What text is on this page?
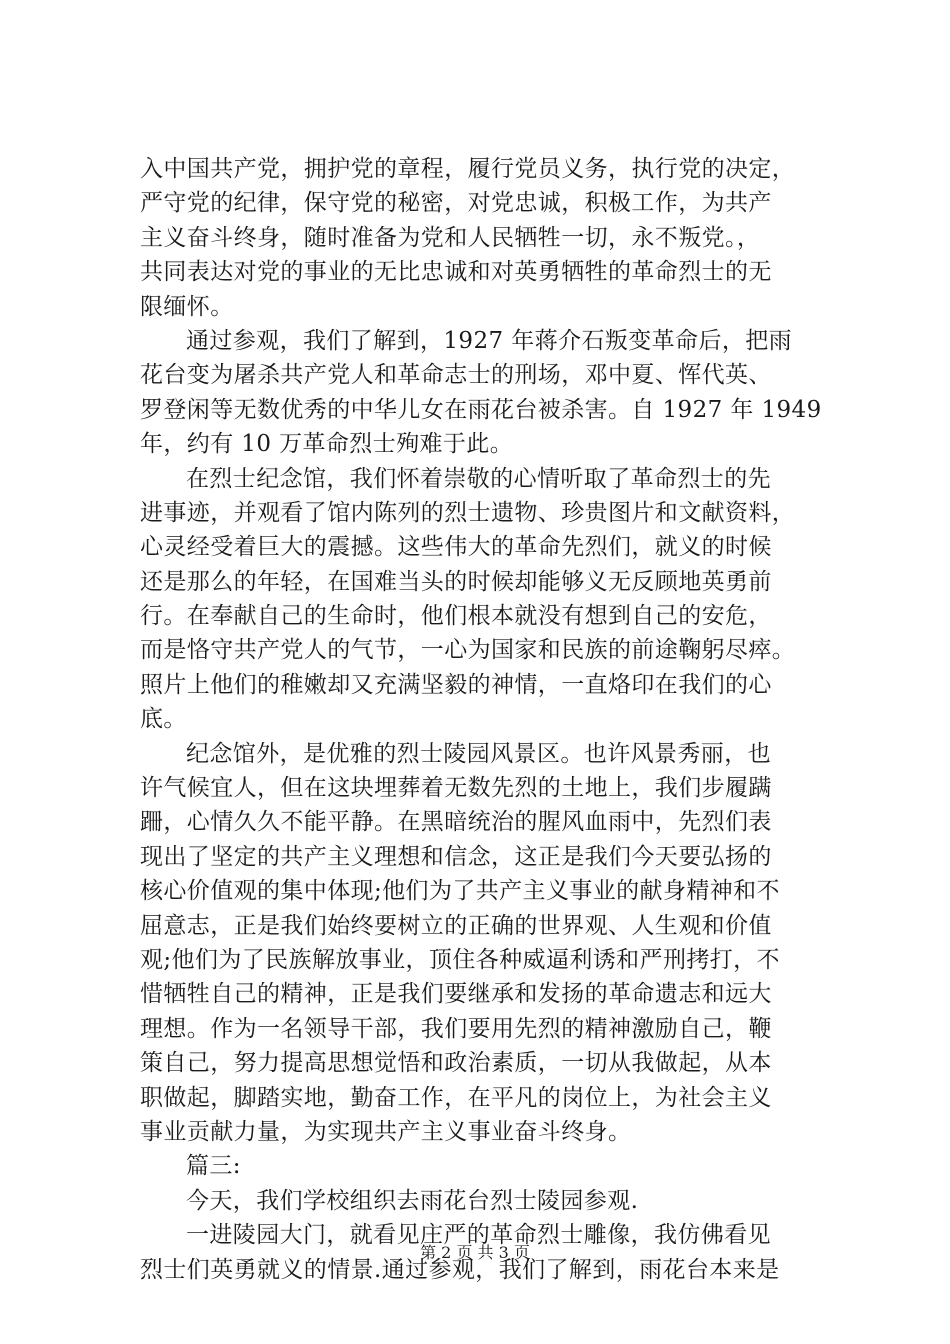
入中国共产党，拥护党的章程，履行党员义务，执行党的决定，
严守党的纪律，保守党的秘密，对党忠诚，积极工作，为共产
主义奋斗终身，随时准备为党和人民牺牲一切，永不叛党。，
共同表达对党的事业的无比忠诚和对英勇牺牲的革命烈士的无
限缅怀。
通过参观，我们了解到，1927 年蒋介石叛变革命后，把雨
花台变为屠杀共产党人和革命志士的刑场，邓中夏、恽代英、
罗登闲等无数优秀的中华儿女在雨花台被杀害。自 1927 年 1949
年，约有 10 万革命烈士殉难于此。
在烈士纪念馆，我们怀着崇敬的心情听取了革命烈士的先
进事迹，并观看了馆内陈列的烈士遗物、珍贵图片和文献资料，
心灵经受着巨大的震撼。这些伟大的革命先烈们，就义的时候
还是那么的年轻，在国难当头的时候却能够义无反顾地英勇前
行。在奉献自己的生命时，他们根本就没有想到自己的安危，
而是恪守共产党人的气节，一心为国家和民族的前途鞠躬尽瘁。
照片上他们的稚嫩却又充满坚毅的神情，一直烙印在我们的心
底。
纪念馆外，是优雅的烈士陵园风景区。也许风景秀丽，也
许气候宜人，但在这块埋葬着无数先烈的土地上，我们步履蹒
跚，心情久久不能平静。在黑暗统治的腥风血雨中，先烈们表
现出了坚定的共产主义理想和信念，这正是我们今天要弘扬的
核心价值观的集中体现;他们为了共产主义事业的献身精神和不
屈意志，正是我们始终要树立的正确的世界观、人生观和价值
观;他们为了民族解放事业，顶住各种威逼利诱和严刑拷打，不
惜牺牲自己的精神，正是我们要继承和发扬的革命遗志和远大
理想。作为一名领导干部，我们要用先烈的精神激励自己，鞭
策自己，努力提高思想觉悟和政治素质，一切从我做起，从本
职做起，脚踏实地，勤奋工作，在平凡的岗位上，为社会主义
事业贡献力量，为实现共产主义事业奋斗终身。
篇三:
今天，我们学校组织去雨花台烈士陵园参观.
一进陵园大门，就看见庄严的革命烈士雕像，我仿佛看见
烈士们英勇就义的情景.通过参观，我们了解到，雨花台本来是
第 2 页 共 3 页
